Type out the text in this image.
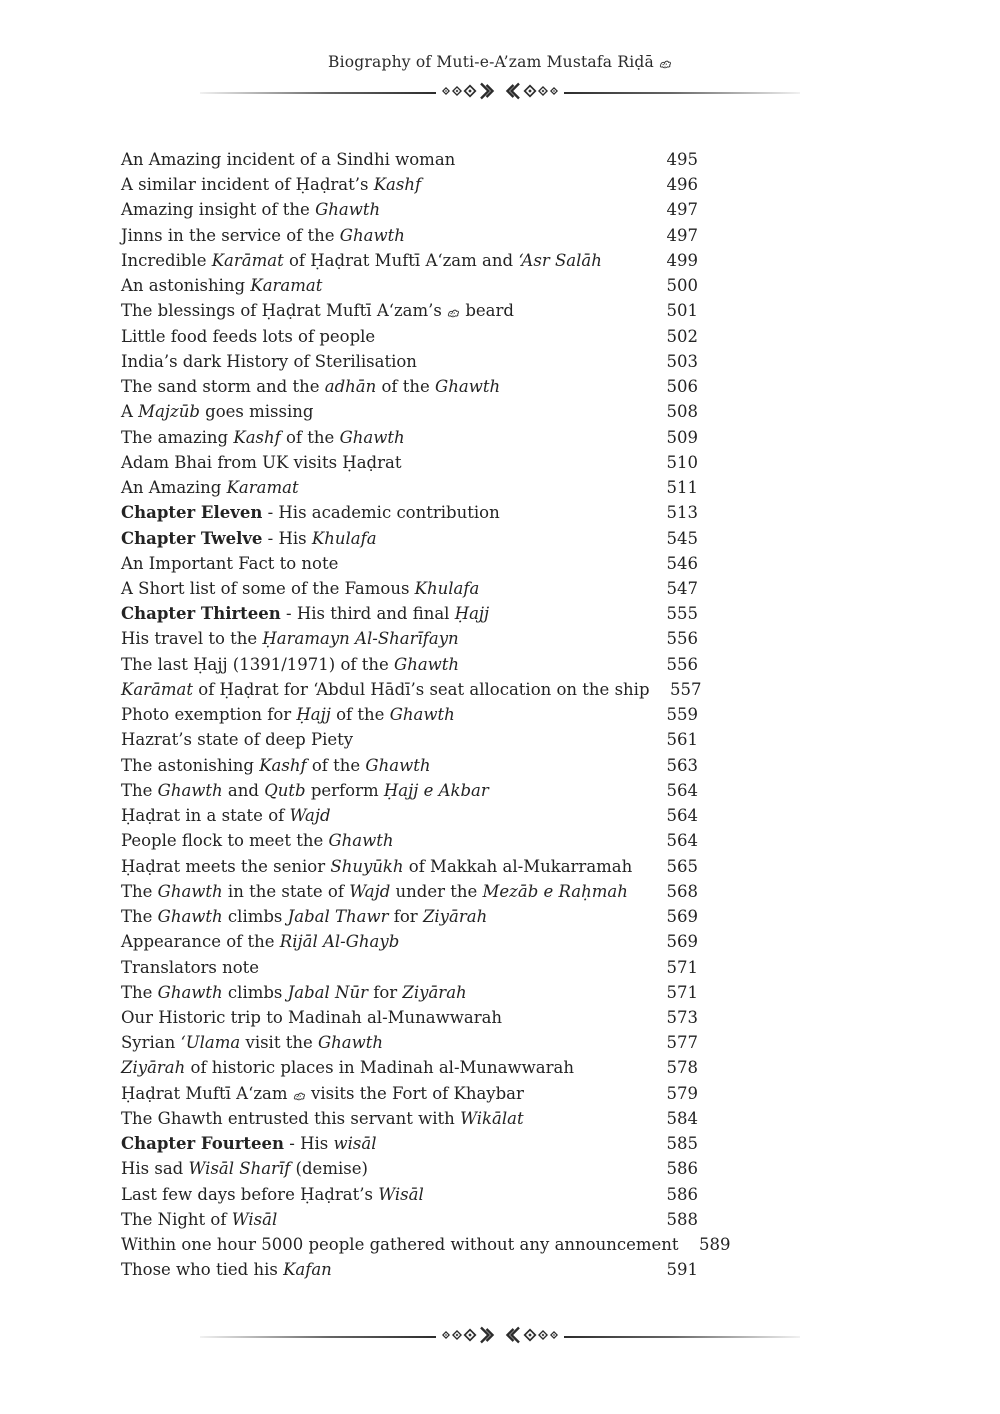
Biography of Muti-e-A’zam Mustafa Riḍā
An Amazing incident of a Sindhi woman	495
A similar incident of Ḥaḍrat’s Kashf	496
Amazing insight of the Ghawth	497
Jinns in the service of the Ghawth	497
Incredible Karāmat of Ḥaḍrat Muftī A‘zam and ‘Asr Salāh	499
An astonishing Karamat	500
The blessings of Ḥaḍrat Muftī A‘zam’s  beard	501
Little food feeds lots of people	502
India’s dark History of Sterilisation	503
The sand storm and the adhān of the Ghawth	506
A Majzūb goes missing	508
The amazing Kashf of the Ghawth	509
Adam Bhai from UK visits Ḥaḍrat	510
An Amazing Karamat	511
Chapter Eleven - His academic contribution	513
Chapter Twelve - His Khulafa	545
An Important Fact to note	546
A Short list of some of the Famous Khulafa	547
Chapter Thirteen - His third and final Ḥajj	555
His travel to the Ḥaramayn Al-Sharīfayn	556
The last Ḥajj (1391/1971) of the Ghawth	556
Karāmat of Ḥaḍrat for ‘Abdul Hādī’s seat allocation on the ship	557
Photo exemption for Ḥajj of the Ghawth	559
Hazrat’s state of deep Piety	561
The astonishing Kashf of the Ghawth	563
The Ghawth and Qutb perform Ḥajj e Akbar	564
Ḥaḍrat in a state of Wajd	564
People flock to meet the Ghawth	564
Ḥaḍrat meets the senior Shuyūkh of Makkah al-Mukarramah	565
The Ghawth in the state of Wajd under the Mezāb e Raḥmah	568
The Ghawth climbs Jabal Thawr for Ziyārah	569
Appearance of the Rijāl Al-Ghayb	569
Translators note	571
The Ghawth climbs Jabal Nūr for Ziyārah	571
Our Historic trip to Madinah al-Munawwarah	573
Syrian ‘Ulama visit the Ghawth	577
Ziyārah of historic places in Madinah al-Munawwarah	578
Ḥaḍrat Muftī A‘zam  visits the Fort of Khaybar	579
The Ghawth entrusted this servant with Wikālat	584
Chapter Fourteen - His wisāl	585
His sad Wisāl Sharīf (demise)	586
Last few days before Ḥaḍrat’s Wisāl	586
The Night of Wisāl	588
Within one hour 5000 people gathered without any announcement	589
Those who tied his Kafan	591
